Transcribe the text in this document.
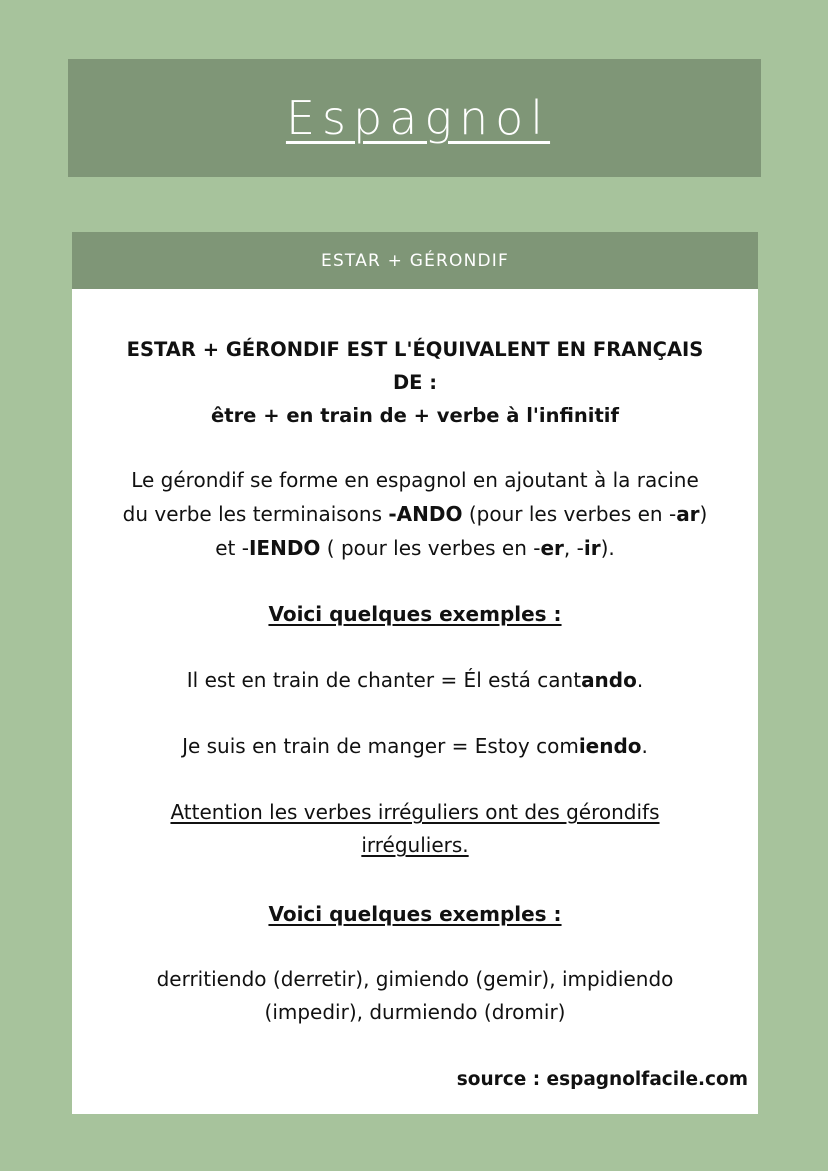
Espagnol
ESTAR + GÉRONDIF
ESTAR + GÉRONDIF EST L'ÉQUIVALENT EN FRANÇAIS
DE :
être + en train de + verbe à l'infinitif
Le gérondif se forme en espagnol en ajoutant à la racine
du verbe les terminaisons -ANDO (pour les verbes en -ar)
et -IENDO ( pour les verbes en -er, -ir).
Voici quelques exemples :
Il est en train de chanter = Él está cantando.
Je suis en train de manger = Estoy comiendo.
Attention les verbes irréguliers ont des gérondifs
irréguliers.
Voici quelques exemples :
derritiendo (derretir), gimiendo (gemir), impidiendo
(impedir), durmiendo (dromir)
source : espagnolfacile.com
